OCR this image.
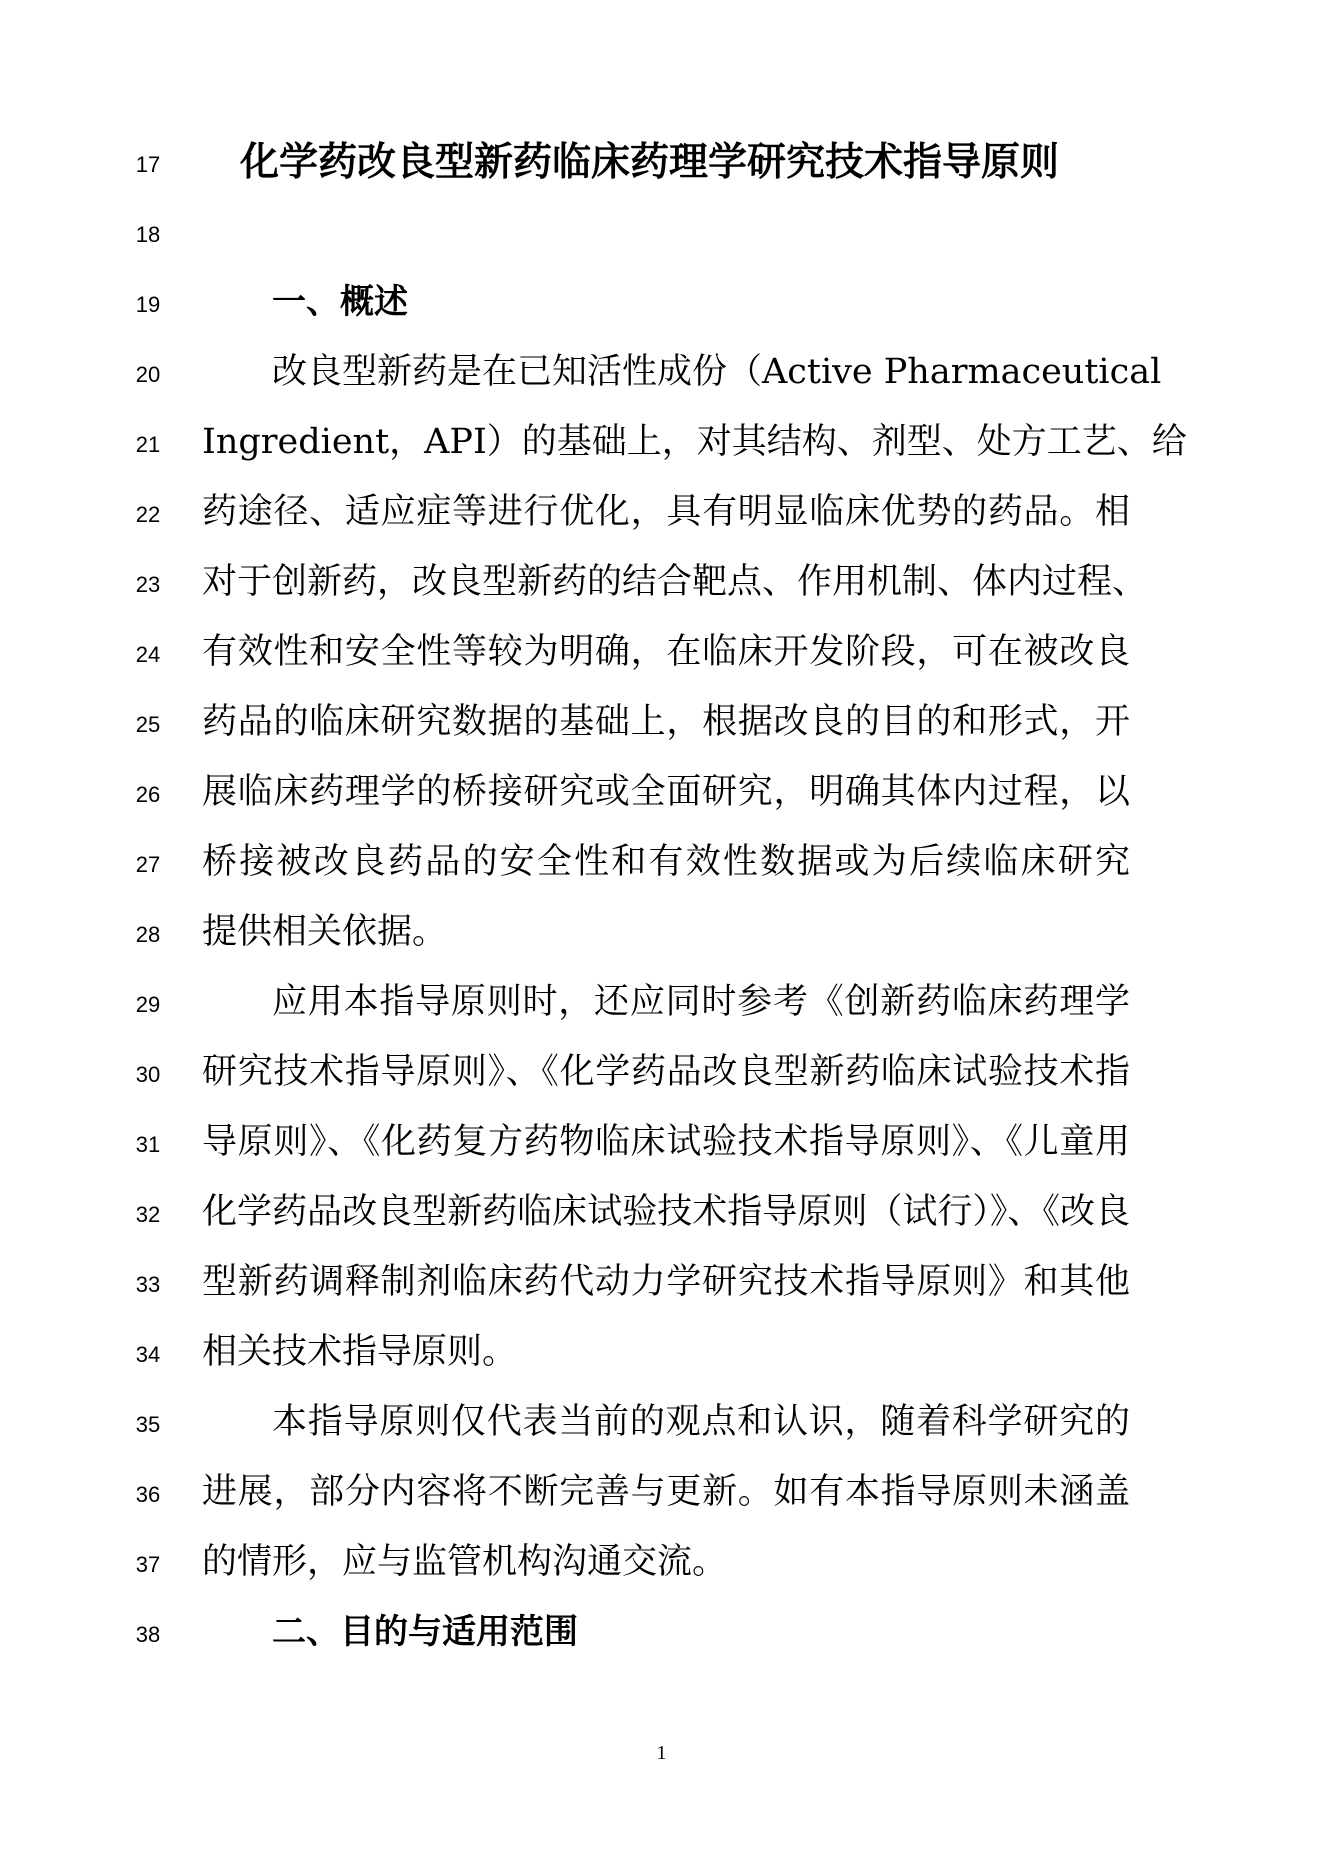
17	化学药改良型新药临床药理学研究技术指导原则
18
19	一、概述
20	改良型新药是在已知活性成份（Active Pharmaceutical
21	Ingredient，API）的基础上，对其结构、剂型、处方工艺、给
22	药途径、适应症等进行优化，具有明显临床优势的药品。相
23	对于创新药，改良型新药的结合靶点、作用机制、体内过程、
24	有效性和安全性等较为明确，在临床开发阶段，可在被改良
25	药品的临床研究数据的基础上，根据改良的目的和形式，开
26	展临床药理学的桥接研究或全面研究，明确其体内过程，以
27	桥接被改良药品的安全性和有效性数据或为后续临床研究
28	提供相关依据。
29	应用本指导原则时，还应同时参考《创新药临床药理学
30	研究技术指导原则》、《化学药品改良型新药临床试验技术指
31	导原则》、《化药复方药物临床试验技术指导原则》、《儿童用
32	化学药品改良型新药临床试验技术指导原则（试行）》、《改良
33	型新药调释制剂临床药代动力学研究技术指导原则》和其他
34	相关技术指导原则。
35	本指导原则仅代表当前的观点和认识，随着科学研究的
36	进展，部分内容将不断完善与更新。如有本指导原则未涵盖
37	的情形，应与监管机构沟通交流。
38	二、目的与适用范围
1
